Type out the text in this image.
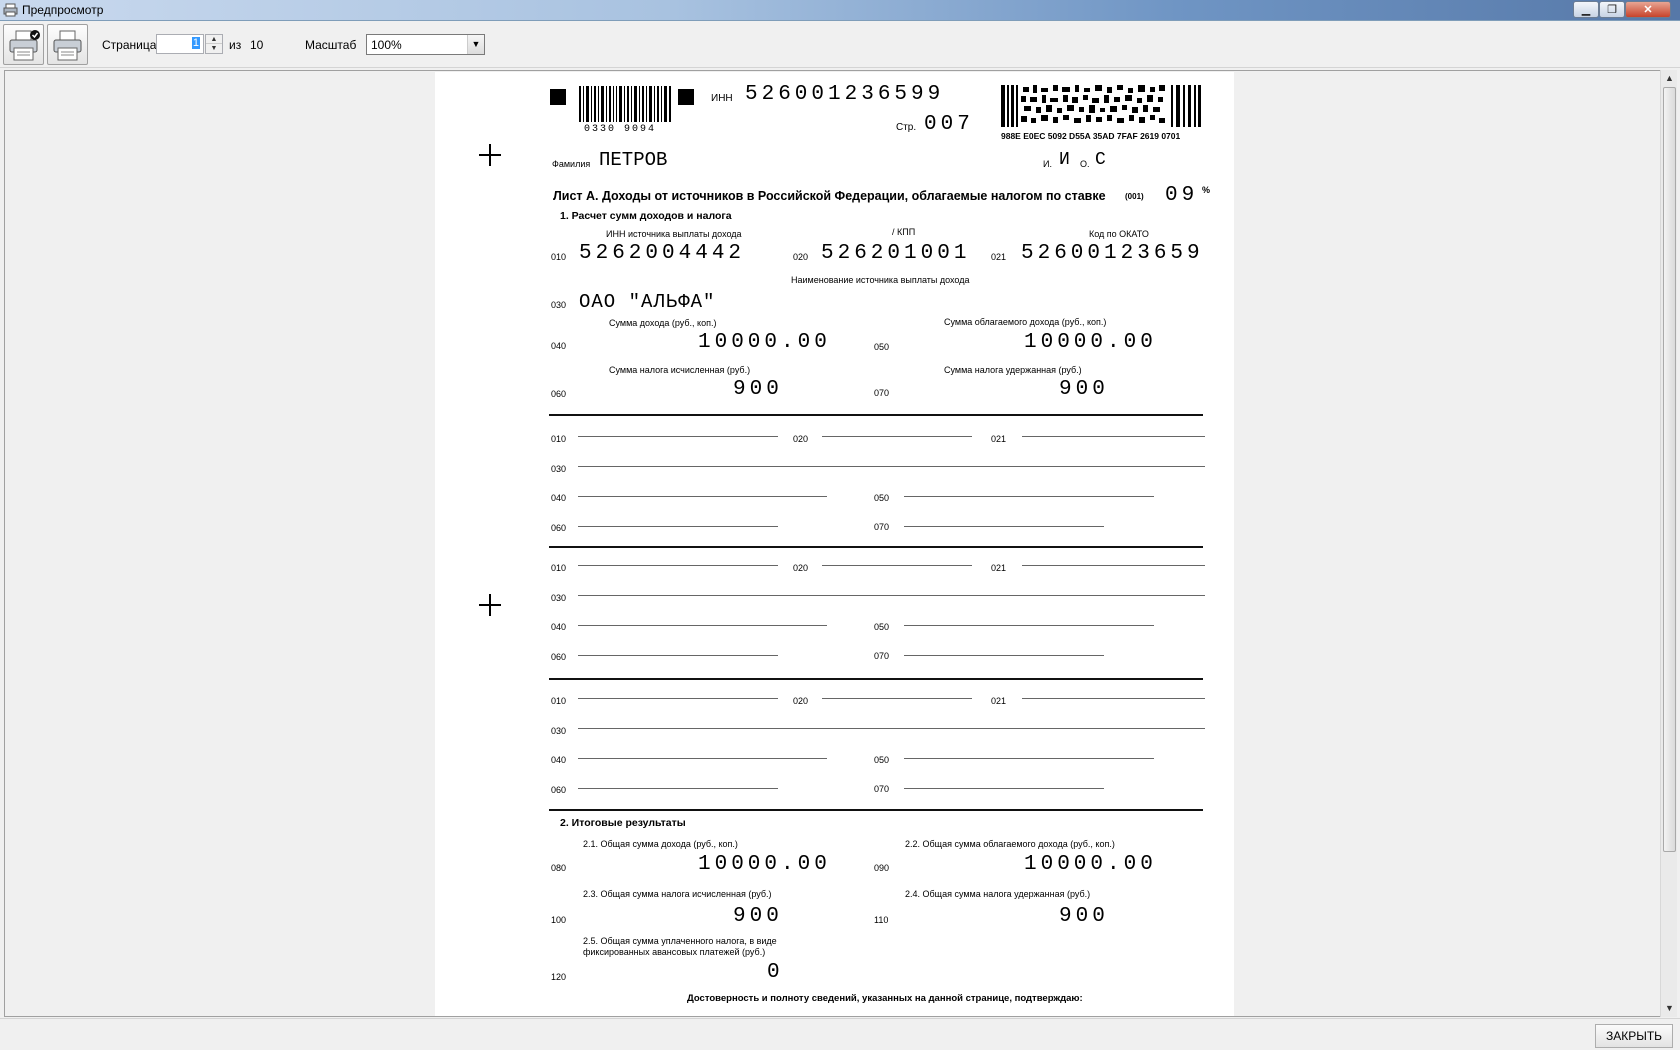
Предпросмотр	▁ ❐ ✕
Страница	1	▲
▼ из 10	Масштаб	100%	▼
0330 9094
ИНН 526001236599
Стр. 007	988E E0EC 5092 D55A 35AD 7FAF 2619 0701
Фамилия ПЕТРОВ	И. И О. С
Лист А. Доходы от источников в Российской Федерации, облагаемые налогом по ставке (001) 09 %
1. Расчет сумм доходов и налога
ИНН источника выплаты дохода	/ КПП	Код по ОКАТО
010 5262004442	020 526201001 021 52600123659
Наименование источника выплаты дохода
030 ОАО "АЛЬФА"
Сумма дохода (руб., коп.)	Сумма облагаемого дохода (руб., коп.)
040	10000.00	050	10000.00
Сумма налога исчисленная (руб.)	Сумма налога удержанная (руб.)
060	900	070	900
010	020	021
030
040	050
060	070
010	020	021
030
040	050
060	070
010	020	021
030
040	050
060	070
2. Итоговые результаты
2.1. Общая сумма дохода (руб., коп.)	2.2. Общая сумма облагаемого дохода (руб., коп.)
080	10000.00	090	10000.00
2.3. Общая сумма налога исчисленная (руб.)	2.4. Общая сумма налога удержанная (руб.)
100	900	110	900
2.5. Общая сумма уплаченного налога, в виде
фиксированных авансовых платежей (руб.)
120	0
Достоверность и полноту сведений, указанных на данной странице, подтверждаю:
▲
▼
ЗАКРЫТЬ
